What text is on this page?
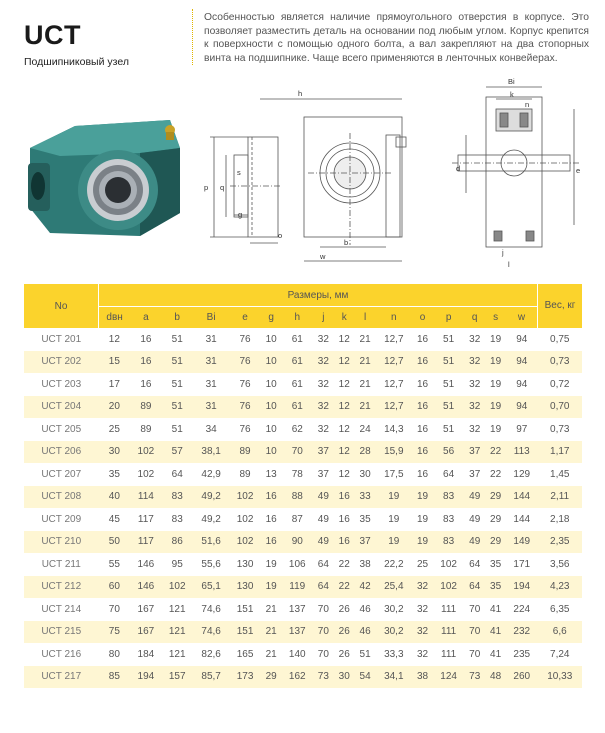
UCT
Подшипниковый узел
Особенностью является наличие прямоугольного отверстия в корпусе. Это позволяет разместить деталь на основании под любым углом. Корпус крепится к поверхности с помощью одного болта, а вал закрепляют на два стопорных винта на подшипнике. Чаще всего применяются в ленточных конвейерах.
h
p q
s
g
o
b
w
Bi
k
n
d	e
j
l
No	Размеры, мм																Вес, кг
	dвн	a	b	Bi	e	g	h	j	k	l	n	o	p	q	s	w	
UCT 201	12	16	51	31	76	10	61	32	12	21	12,7	16	51	32	19	94	0,75
UCT 202	15	16	51	31	76	10	61	32	12	21	12,7	16	51	32	19	94	0,73
UCT 203	17	16	51	31	76	10	61	32	12	21	12,7	16	51	32	19	94	0,72
UCT 204	20	89	51	31	76	10	61	32	12	21	12,7	16	51	32	19	94	0,70
UCT 205	25	89	51	34	76	10	62	32	12	24	14,3	16	51	32	19	97	0,73
UCT 206	30	102	57	38,1	89	10	70	37	12	28	15,9	16	56	37	22	113	1,17
UCT 207	35	102	64	42,9	89	13	78	37	12	30	17,5	16	64	37	22	129	1,45
UCT 208	40	114	83	49,2	102	16	88	49	16	33	19	19	83	49	29	144	2,11
UCT 209	45	117	83	49,2	102	16	87	49	16	35	19	19	83	49	29	144	2,18
UCT 210	50	117	86	51,6	102	16	90	49	16	37	19	19	83	49	29	149	2,35
UCT 211	55	146	95	55,6	130	19	106	64	22	38	22,2	25	102	64	35	171	3,56
UCT 212	60	146	102	65,1	130	19	119	64	22	42	25,4	32	102	64	35	194	4,23
UCT 214	70	167	121	74,6	151	21	137	70	26	46	30,2	32	111	70	41	224	6,35
UCT 215	75	167	121	74,6	151	21	137	70	26	46	30,2	32	111	70	41	232	6,6
UCT 216	80	184	121	82,6	165	21	140	70	26	51	33,3	32	111	70	41	235	7,24
UCT 217	85	194	157	85,7	173	29	162	73	30	54	34,1	38	124	73	48	260	10,33
